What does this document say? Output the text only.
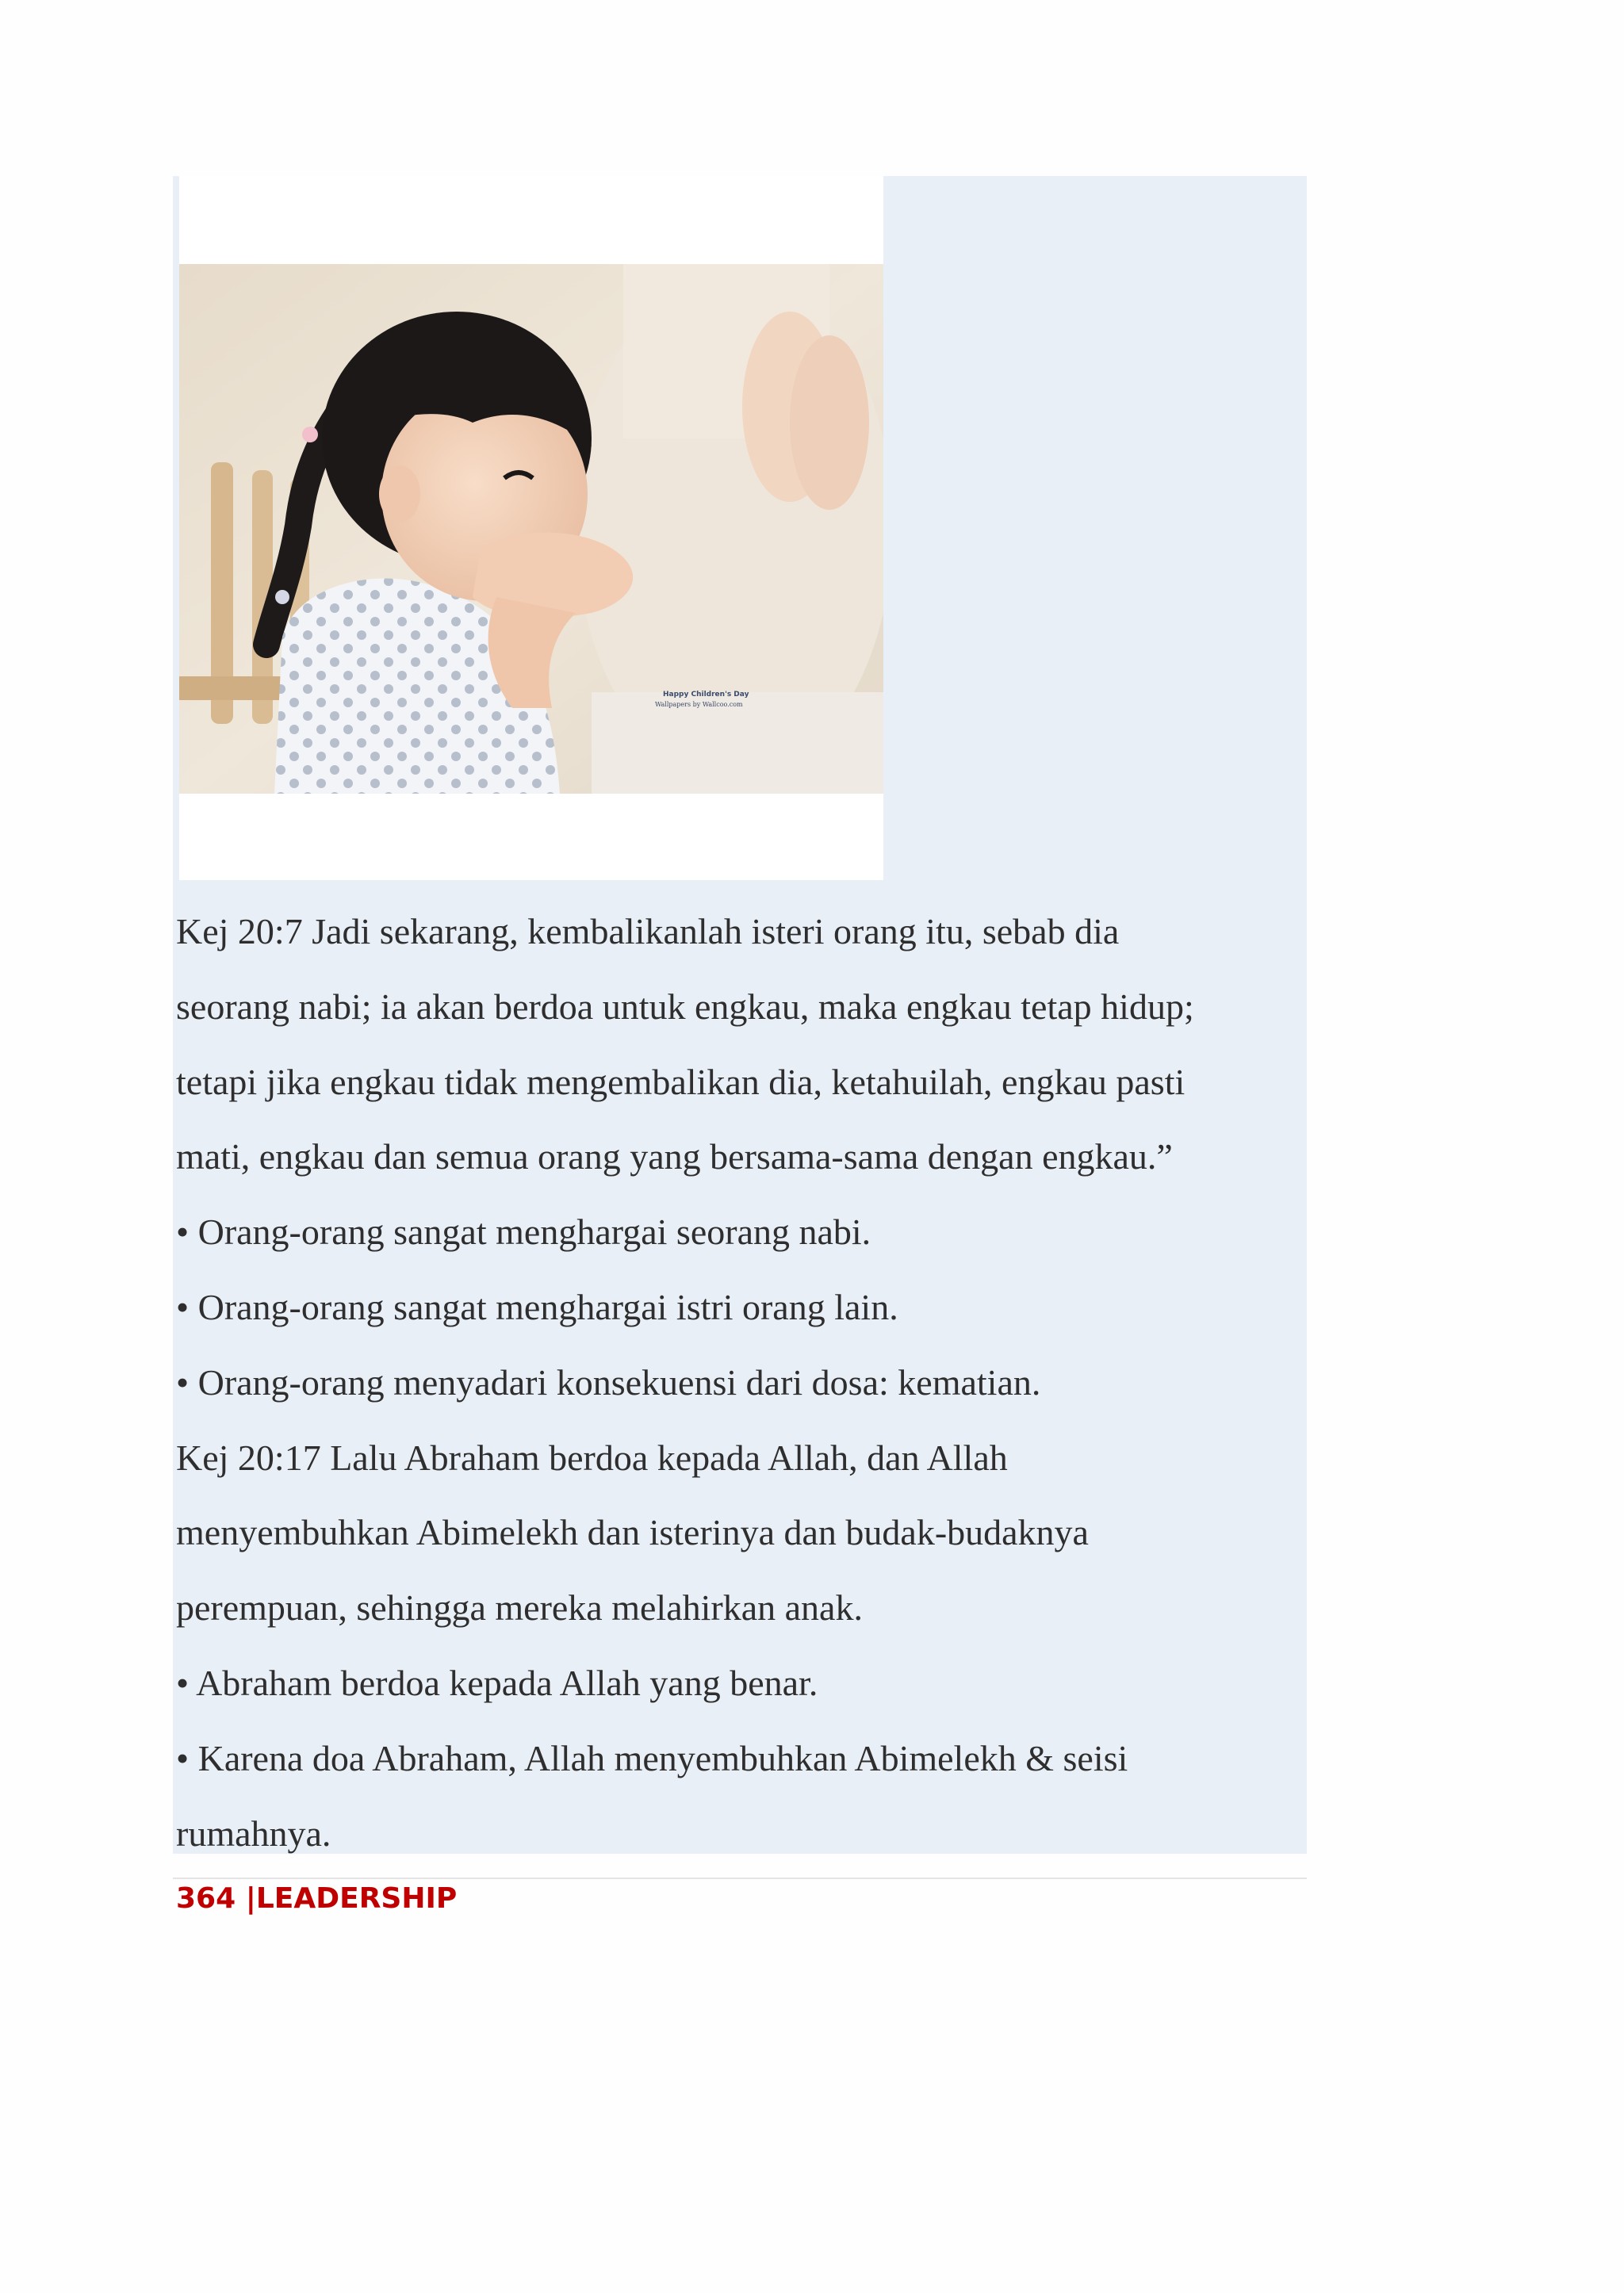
Happy Children's Day
Wallpapers by Wallcoo.com
Kej 20:7 Jadi sekarang, kembalikanlah isteri orang itu, sebab dia
seorang nabi; ia akan berdoa untuk engkau, maka engkau tetap hidup;
tetapi jika engkau tidak mengembalikan dia, ketahuilah, engkau pasti
mati, engkau dan semua orang yang bersama-sama dengan engkau.”
• Orang-orang sangat menghargai seorang nabi.
• Orang-orang sangat menghargai istri orang lain.
• Orang-orang menyadari konsekuensi dari dosa: kematian.
Kej 20:17 Lalu Abraham berdoa kepada Allah, dan Allah
menyembuhkan Abimelekh dan isterinya dan budak-budaknya
perempuan, sehingga mereka melahirkan anak.
• Abraham berdoa kepada Allah yang benar.
• Karena doa Abraham, Allah menyembuhkan Abimelekh & seisi
rumahnya.
364 |LEADERSHIP
